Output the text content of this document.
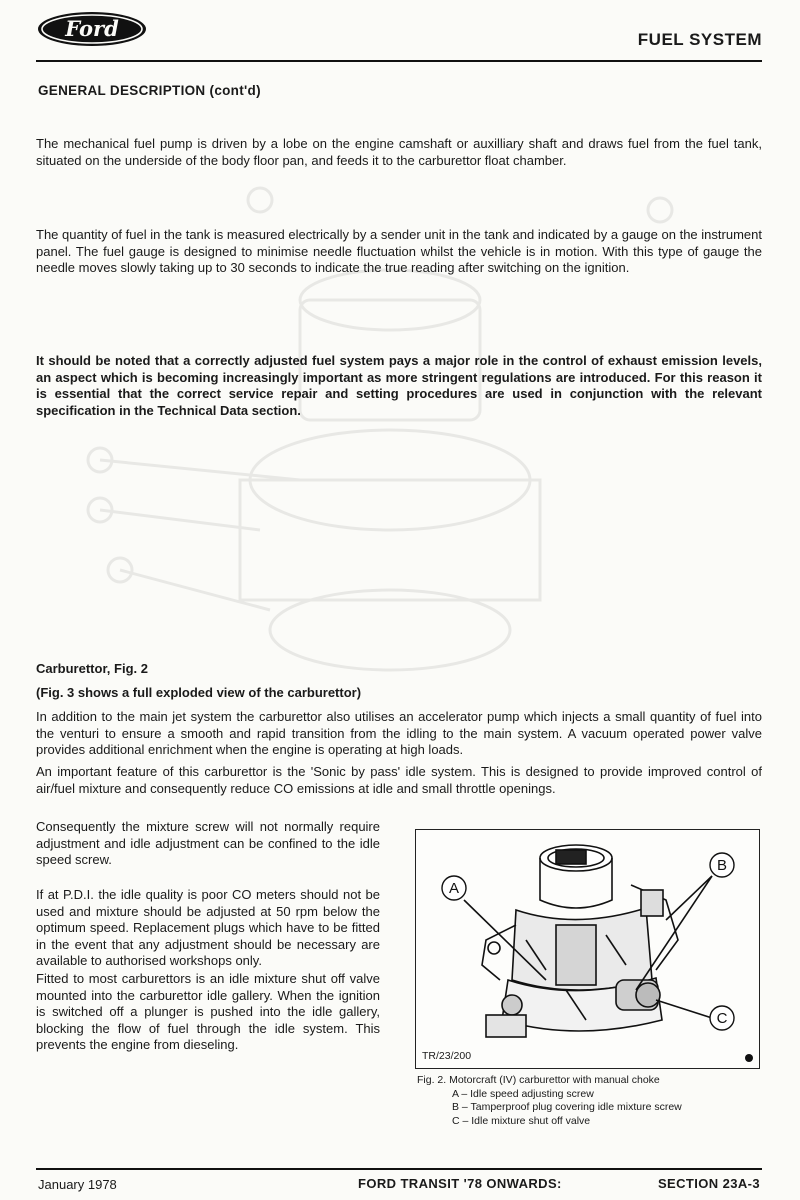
Ford	FUEL SYSTEM
GENERAL DESCRIPTION (cont'd)
The mechanical fuel pump is driven by a lobe on the engine camshaft or auxilliary shaft and draws fuel from the fuel tank, situated on the underside of the body floor pan, and feeds it to the carburettor float chamber.
The quantity of fuel in the tank is measured electrically by a sender unit in the tank and indicated by a gauge on the instrument panel. The fuel gauge is designed to minimise needle fluctuation whilst the vehicle is in motion. With this type of gauge the needle moves slowly taking up to 30 seconds to indicate the true reading after switching on the ignition.
It should be noted that a correctly adjusted fuel system pays a major role in the control of exhaust emission levels, an aspect which is becoming increasingly important as more stringent regulations are introduced. For this reason it is essential that the correct service repair and setting procedures are used in conjunction with the relevant specification in the Technical Data section.
Carburettor, Fig. 2
(Fig. 3 shows a full exploded view of the carburettor)
In addition to the main jet system the carburettor also utilises an accelerator pump which injects a small quantity of fuel into the venturi to ensure a smooth and rapid transition from the idling to the main system. A vacuum operated power valve provides additional enrichment when the engine is operating at high loads.
An important feature of this carburettor is the 'Sonic by pass' idle system. This is designed to provide improved control of air/fuel mixture and consequently reduce CO emissions at idle and small throttle openings.
Consequently the mixture screw will not normally require adjustment and idle adjustment can be confined to the idle speed screw.
If at P.D.I. the idle quality is poor CO meters should not be used and mixture should be adjusted at 50 rpm below the optimum speed. Replacement plugs which have to be fitted in the event that any adjustment should be necessary are available to authorised workshops only.
Fitted to most carburettors is an idle mixture shut off valve mounted into the carburettor idle gallery. When the ignition is switched off a plunger is pushed into the idle gallery, blocking the flow of fuel through the idle system. This prevents the engine from dieseling.
A
B
C
TR/23/200
Fig. 2. Motorcraft (IV) carburettor with manual choke
A – Idle speed adjusting screw
B – Tamperproof plug covering idle mixture screw
C – Idle mixture shut off valve
January 1978	FORD TRANSIT '78 ONWARDS:	SECTION 23A-3
